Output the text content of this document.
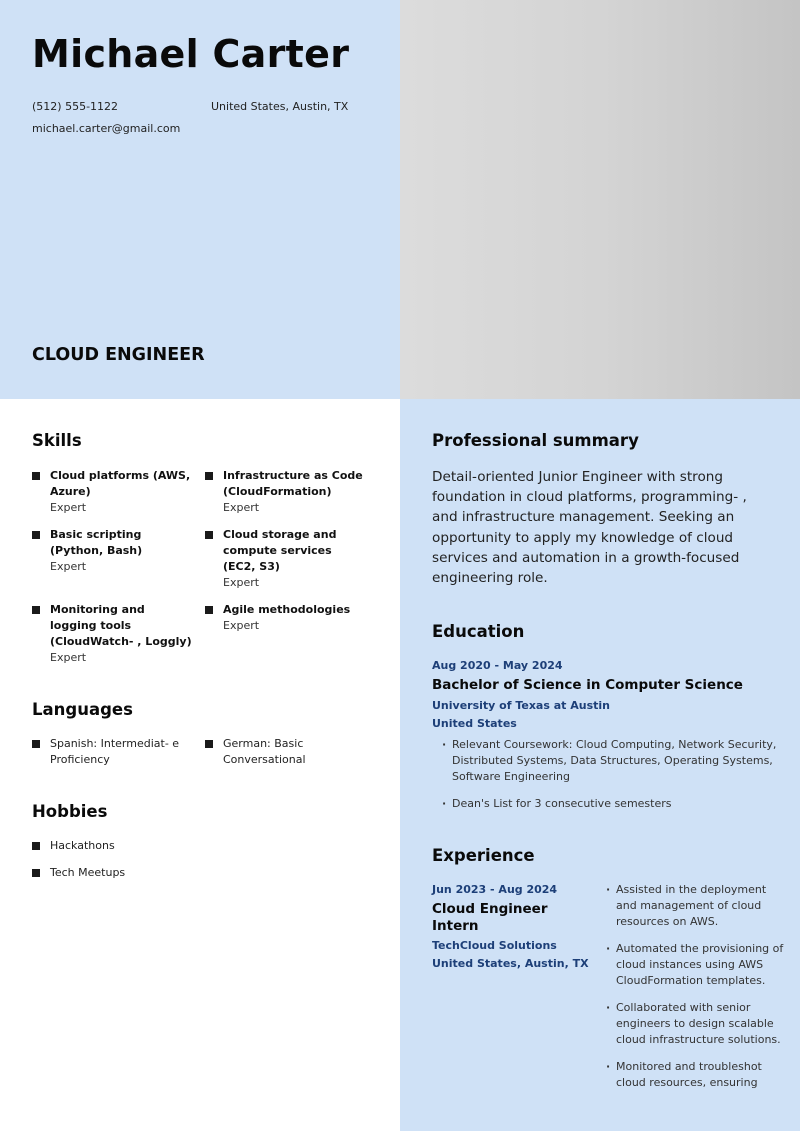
Michael Carter
(512) 555-1122	United States, Austin, TX
michael.carter@gmail.com
CLOUD ENGINEER
Skills
Cloud platforms (AWS, Azure)
Expert
Infrastructure as Code (CloudFormation)
Expert
Basic scripting (Python, Bash)
Expert
Cloud storage and compute services (EC2, S3)
Expert
Monitoring and logging tools (CloudWatch- , Loggly)
Expert
Agile methodologies
Expert
Languages
Spanish: Intermediat- e Proficiency
German: Basic Conversational
Hobbies
Hackathons
Tech Meetups
Professional summary
Detail-oriented Junior Engineer with strong foundation in cloud platforms, programming- , and infrastructure management. Seeking an opportunity to apply my knowledge of cloud services and automation in a growth-focused engineering role.
Education
Aug 2020 - May 2024
Bachelor of Science in Computer Science
University of Texas at Austin
United States
· Relevant Coursework: Cloud Computing, Network Security, Distributed Systems, Data Structures, Operating Systems, Software Engineering
· Dean's List for 3 consecutive semesters
Experience
Jun 2023 - Aug 2024
Cloud Engineer Intern
TechCloud Solutions
United States, Austin, TX
· Assisted in the deployment and management of cloud resources on AWS.
· Automated the provisioning of cloud instances using AWS CloudFormation templates.
· Collaborated with senior engineers to design scalable cloud infrastructure solutions.
· Monitored and troubleshot cloud resources, ensuring
